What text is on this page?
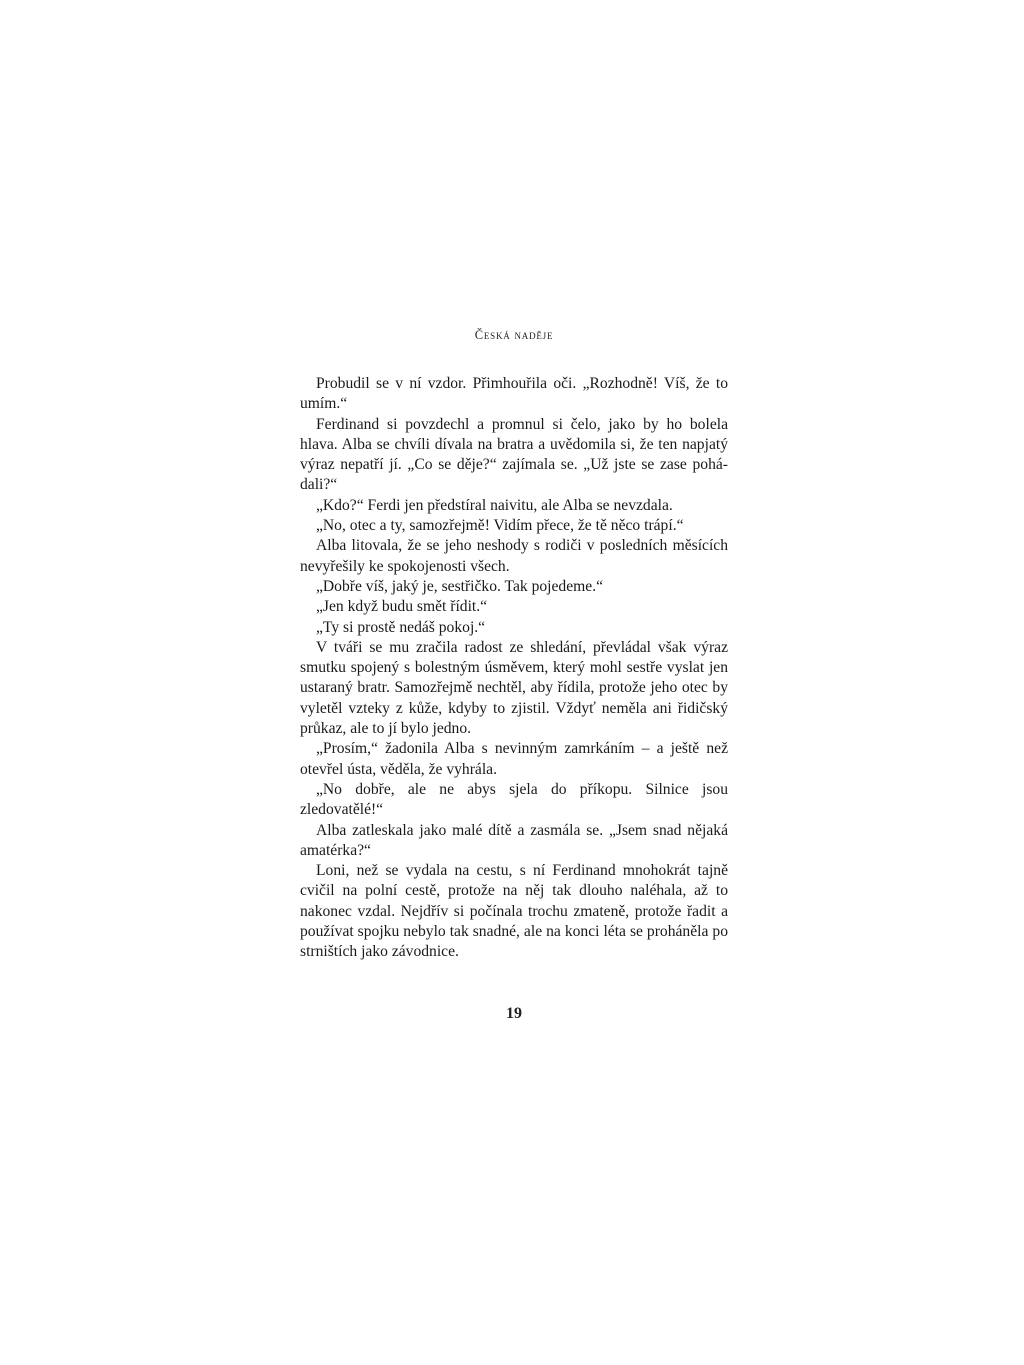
Česká naděje

Probudil se v ní vzdor. Přimhouřila oči. „Rozhodně! Víš, že to umím.“

Ferdinand si povzdechl a promnul si čelo, jako by ho bolela hlava. Alba se chvíli dívala na bratra a uvědomila si, že ten napjatý výraz nepatří jí. „Co se děje?“ zajímala se. „Už jste se zase pohádali?“

„Kdo?“ Ferdi jen předstíral naivitu, ale Alba se nevzdala.

„No, otec a ty, samozřejmě! Vidím přece, že tě něco trápí.“

Alba litovala, že se jeho neshody s rodiči v posledních měsících nevyřešily ke spokojenosti všech.

„Dobře víš, jaký je, sestřičko. Tak pojedeme.“

„Jen když budu smět řídit.“

„Ty si prostě nedáš pokoj.“

V tváři se mu zračila radost ze shledání, převládal však výraz smutku spojený s bolestným úsměvem, který mohl sestře vyslat jen ustaraný bratr. Samozřejmě nechtěl, aby řídila, protože jeho otec by vyletěl vzteky z kůže, kdyby to zjistil. Vždyť neměla ani řidičský průkaz, ale to jí bylo jedno.

„Prosím,“ žadonila Alba s nevinným zamrkáním – a ještě než otevřel ústa, věděla, že vyhrála.

„No dobře, ale ne abys sjela do příkopu. Silnice jsou zledovatělé!“

Alba zatleskala jako malé dítě a zasmála se. „Jsem snad nějaká amatérka?“

Loni, než se vydala na cestu, s ní Ferdinand mnohokrát tajně cvičil na polní cestě, protože na něj tak dlouho naléhala, až to nakonec vzdal. Nejdřív si počínala trochu zmateně, protože řadit a používat spojku nebylo tak snadné, ale na konci léta se proháněla po strništích jako závodnice.

19
